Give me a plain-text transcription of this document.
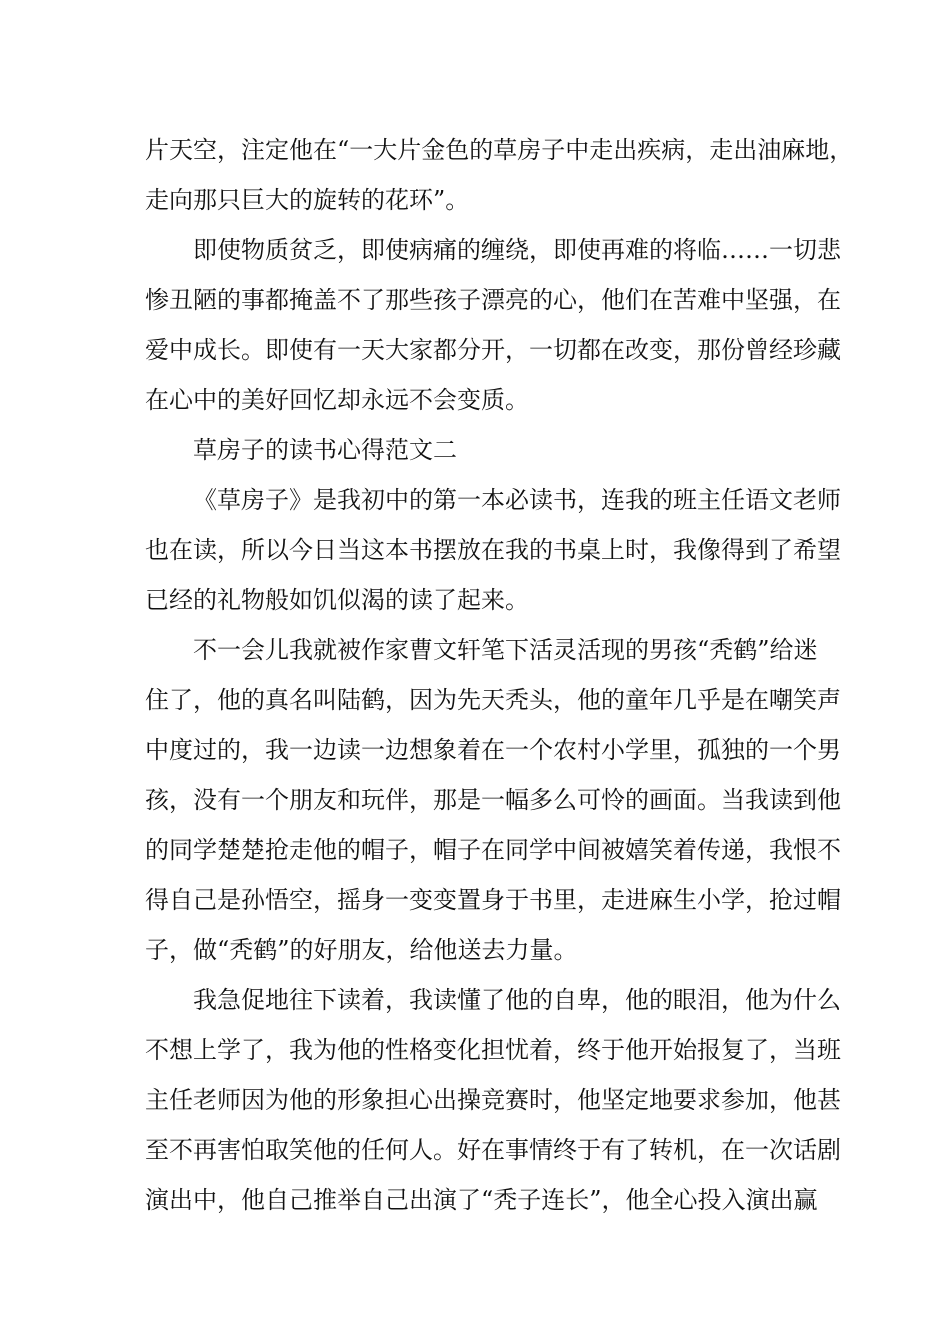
片天空，注定他在“一大片金色的草房子中走出疾病，走出油麻地，
走向那只巨大的旋转的花环”。
即使物质贫乏，即使病痛的缠绕，即使再难的将临……一切悲
惨丑陋的事都掩盖不了那些孩子漂亮的心，他们在苦难中坚强，在
爱中成长。即使有一天大家都分开，一切都在改变，那份曾经珍藏
在心中的美好回忆却永远不会变质。
草房子的读书心得范文二
《草房子》是我初中的第一本必读书，连我的班主任语文老师
也在读，所以今日当这本书摆放在我的书桌上时，我像得到了希望
已经的礼物般如饥似渴的读了起来。
不一会儿我就被作家曹文轩笔下活灵活现的男孩“秃鹤”给迷
住了，他的真名叫陆鹤，因为先天秃头，他的童年几乎是在嘲笑声
中度过的，我一边读一边想象着在一个农村小学里，孤独的一个男
孩，没有一个朋友和玩伴，那是一幅多么可怜的画面。当我读到他
的同学楚楚抢走他的帽子，帽子在同学中间被嬉笑着传递，我恨不
得自己是孙悟空，摇身一变变置身于书里，走进麻生小学，抢过帽
子，做“秃鹤”的好朋友，给他送去力量。
我急促地往下读着，我读懂了他的自卑，他的眼泪，他为什么
不想上学了，我为他的性格变化担忧着，终于他开始报复了，当班
主任老师因为他的形象担心出操竞赛时，他坚定地要求参加，他甚
至不再害怕取笑他的任何人。好在事情终于有了转机，在一次话剧
演出中，他自己推举自己出演了“秃子连长”，他全心投入演出赢
